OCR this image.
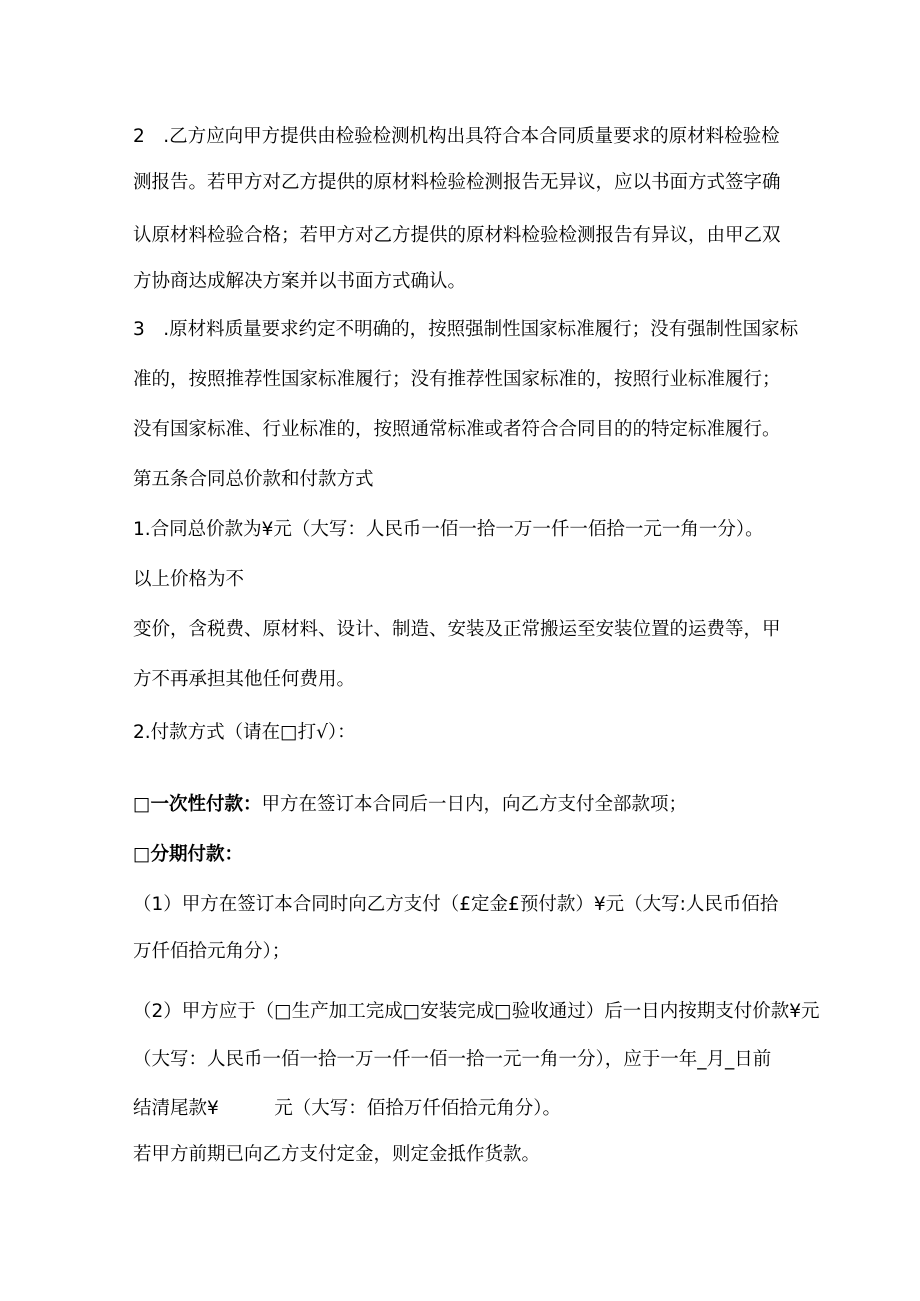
2　.乙方应向甲方提供由检验检测机构出具符合本合同质量要求的原材料检验检
测报告。若甲方对乙方提供的原材料检验检测报告无异议，应以书面方式签字确
认原材料检验合格；若甲方对乙方提供的原材料检验检测报告有异议，由甲乙双
方协商达成解决方案并以书面方式确认。
3　.原材料质量要求约定不明确的，按照强制性国家标准履行；没有强制性国家标
准的，按照推荐性国家标准履行；没有推荐性国家标准的，按照行业标准履行；
没有国家标准、行业标准的，按照通常标准或者符合合同目的的特定标准履行。
第五条合同总价款和付款方式
1.合同总价款为¥元（大写：人民币一佰一拾一万一仟一佰拾一元一角一分）。
以上价格为不
变价，含税费、原材料、设计、制造、安装及正常搬运至安装位置的运费等，甲
方不再承担其他任何费用。
2.付款方式（请在□打√）：
□一次性付款：甲方在签订本合同后一日内，向乙方支付全部款项；
□分期付款：
（1）甲方在签订本合同时向乙方支付（£定金£预付款）¥元（大写:人民币佰拾
万仟佰拾元角分）；
（2）甲方应于（□生产加工完成□安装完成□验收通过）后一日内按期支付价款¥元
（大写：人民币一佰一拾一万一仟一佰一拾一元一角一分），应于一年_月_日前
结清尾款¥　　　元（大写：佰拾万仟佰拾元角分）。
若甲方前期已向乙方支付定金，则定金抵作货款。
